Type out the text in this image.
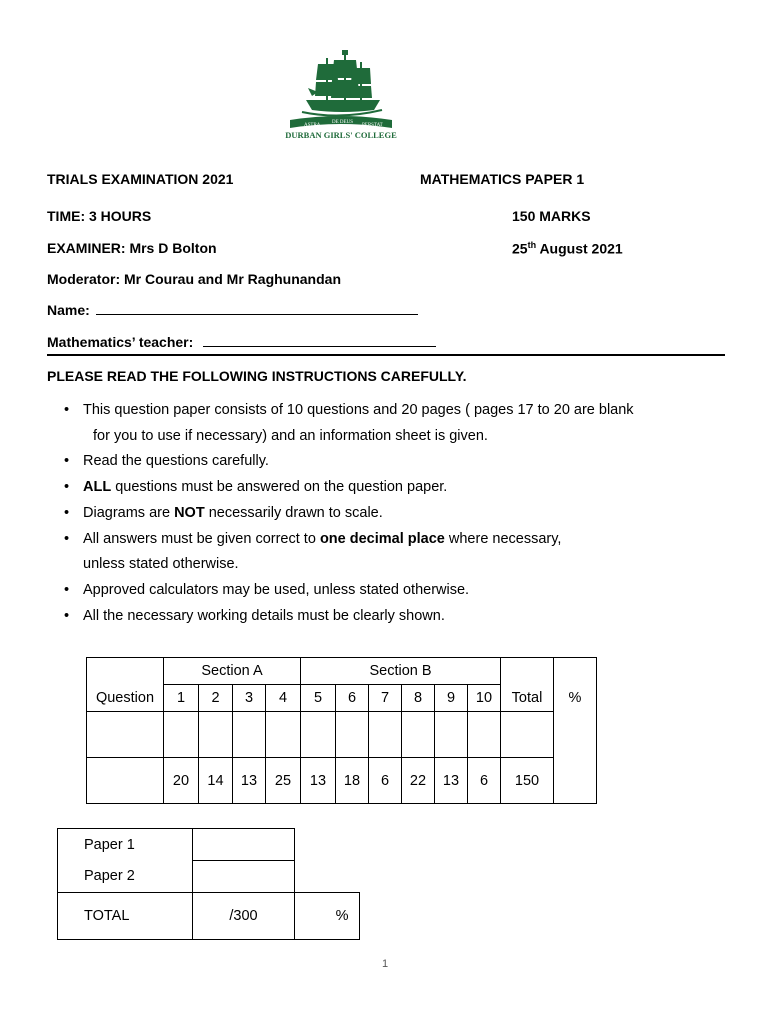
ASTRA
DE DEUS
PERSTAT
DURBAN GIRLS' COLLEGE
TRIALS EXAMINATION 2021	MATHEMATICS PAPER 1
TIME: 3 HOURS	150 MARKS
EXAMINER: Mrs D Bolton	25th August 2021
Moderator: Mr Courau and Mr Raghunandan
Name:
Mathematics’ teacher:
PLEASE READ THE FOLLOWING INSTRUCTIONS CAREFULLY.
• This question paper consists of 10 questions and 20 pages ( pages 17 to 20 are blank
for you to use if necessary) and an information sheet is given.
• Read the questions carefully.
• ALL questions must be answered on the question paper.
• Diagrams are NOT necessarily drawn to scale.
• All answers must be given correct to one decimal place where necessary,
unless stated otherwise.
• Approved calculators may be used, unless stated otherwise.
• All the necessary working details must be clearly shown.
	Section A				Section B							
Question	1	2	3	4	5	6	7	8	9	10	Total	%

	20	14	13	25	13	18	6	22	13	6	150	
Paper 1		
Paper 2		
TOTAL	/300	%
1
